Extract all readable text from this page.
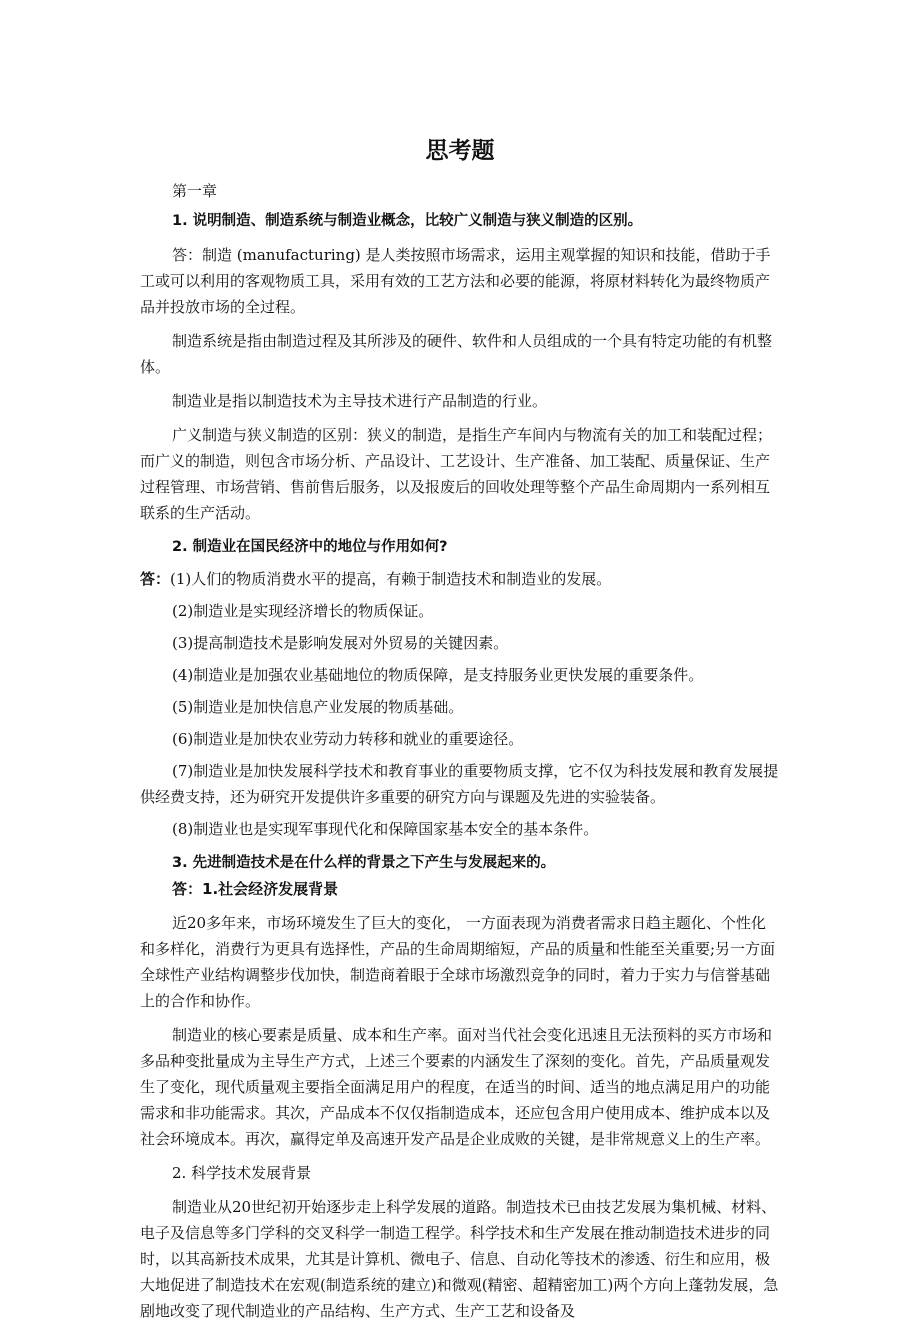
思考题

第一章

1. 说明制造、制造系统与制造业概念，比较广义制造与狭义制造的区别。

答：制造 (manufacturing) 是人类按照市场需求，运用主观掌握的知识和技能，借助于手工或可以利用的客观物质工具，采用有效的工艺方法和必要的能源，将原材料转化为最终物质产品并投放市场的全过程。

制造系统是指由制造过程及其所涉及的硬件、软件和人员组成的一个具有特定功能的有机整体。

制造业是指以制造技术为主导技术进行产品制造的行业。

广义制造与狭义制造的区别：狭义的制造，是指生产车间内与物流有关的加工和装配过程；而广义的制造，则包含市场分析、产品设计、工艺设计、生产准备、加工装配、质量保证、生产过程管理、市场营销、售前售后服务，以及报废后的回收处理等整个产品生命周期内一系列相互联系的生产活动。

2. 制造业在国民经济中的地位与作用如何?

答：(1)人们的物质消费水平的提高，有赖于制造技术和制造业的发展。

(2)制造业是实现经济增长的物质保证。

(3)提高制造技术是影响发展对外贸易的关键因素。

(4)制造业是加强农业基础地位的物质保障，是支持服务业更快发展的重要条件。

(5)制造业是加快信息产业发展的物质基础。

(6)制造业是加快农业劳动力转移和就业的重要途径。

(7)制造业是加快发展科学技术和教育事业的重要物质支撑，它不仅为科技发展和教育发展提供经费支持，还为研究开发提供许多重要的研究方向与课题及先进的实验装备。

(8)制造业也是实现军事现代化和保障国家基本安全的基本条件。

3. 先进制造技术是在什么样的背景之下产生与发展起来的。

答：1.社会经济发展背景

近20多年来，市场环境发生了巨大的变化， 一方面表现为消费者需求日趋主题化、个性化和多样化，消费行为更具有选择性，产品的生命周期缩短，产品的质量和性能至关重要;另一方面全球性产业结构调整步伐加快，制造商着眼于全球市场激烈竞争的同时，着力于实力与信誉基础上的合作和协作。

制造业的核心要素是质量、成本和生产率。面对当代社会变化迅速且无法预料的买方市场和多品种变批量成为主导生产方式，上述三个要素的内涵发生了深刻的变化。首先，产品质量观发生了变化，现代质量观主要指全面满足用户的程度，在适当的时间、适当的地点满足用户的功能需求和非功能需求。其次，产品成本不仅仅指制造成本，还应包含用户使用成本、维护成本以及社会环境成本。再次，赢得定单及高速开发产品是企业成败的关键，是非常规意义上的生产率。

2. 科学技术发展背景

制造业从20世纪初开始逐步走上科学发展的道路。制造技术已由技艺发展为集机械、材料、电子及信息等多门学科的交叉科学一制造工程学。科学技术和生产发展在推动制造技术进步的同时，以其高新技术成果，尤其是计算机、微电子、信息、自动化等技术的渗透、衍生和应用，极大地促进了制造技术在宏观(制造系统的建立)和微观(精密、超精密加工)两个方向上蓬勃发展，急剧地改变了现代制造业的产品结构、生产方式、生产工艺和设备及
